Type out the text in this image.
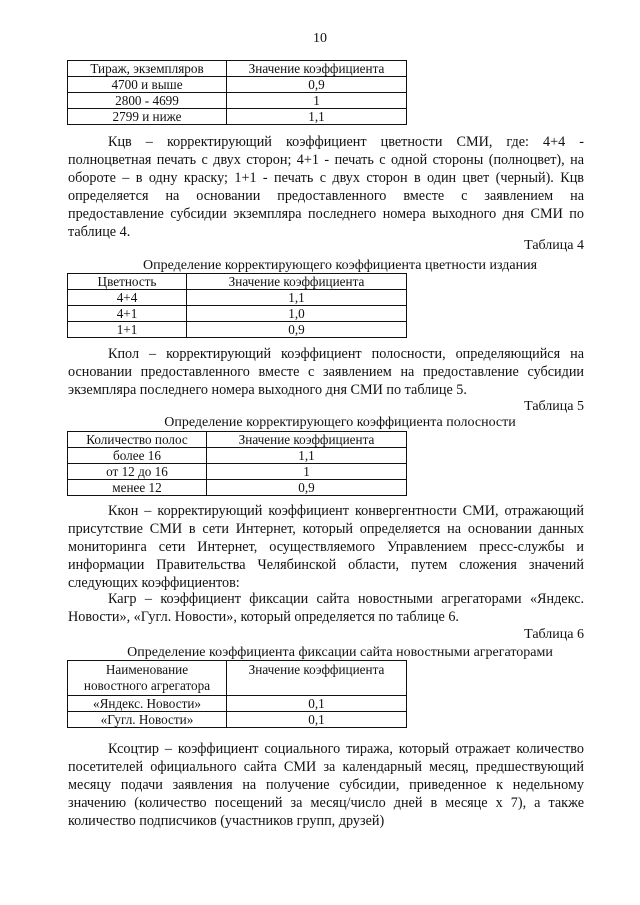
10
Тираж, экземпляров	Значение коэффициента
4700 и выше	0,9
2800 - 4699	1
2799 и ниже	1,1

Кцв – корректирующий коэффициент цветности СМИ, где: 4+4 - полноцветная печать с двух сторон; 4+1 - печать с одной стороны (полноцвет), на обороте – в одну краску; 1+1 - печать с двух сторон в один цвет (черный). Кцв определяется на основании предоставленного вместе с заявлением на предоставление субсидии экземпляра последнего номера выходного дня СМИ по таблице 4.

Таблица 4
Определение корректирующего коэффициента цветности издания
Цветность	Значение коэффициента
4+4	1,1
4+1	1,0
1+1	0,9

Кпол – корректирующий коэффициент полосности, определяющийся на основании предоставленного вместе с заявлением на предоставление субсидии экземпляра последнего номера выходного дня СМИ по таблице 5.

Таблица 5
Определение корректирующего коэффициента полосности
Количество полос	Значение коэффициента
более 16	1,1
от 12 до 16	1
менее 12	0,9

Ккон – корректирующий коэффициент конвергентности СМИ, отражающий присутствие СМИ в сети Интернет, который определяется на основании данных мониторинга сети Интернет, осуществляемого Управлением пресс-службы и информации Правительства Челябинской области, путем сложения значений следующих коэффициентов:

Кагр – коэффициент фиксации сайта новостными агрегаторами «Яндекс. Новости», «Гугл. Новости», который определяется по таблице 6.

Таблица 6
Определение коэффициента фиксации сайта новостными агрегаторами
Наименование
новостного агрегатора	Значение коэффициента
«Яндекс. Новости»	0,1
«Гугл. Новости»	0,1

Ксоцтир – коэффициент социального тиража, который отражает количество посетителей официального сайта СМИ за календарный месяц, предшествующий месяцу подачи заявления на получение субсидии, приведенное к недельному значению (количество посещений за месяц/число дней в месяце х 7), а также количество подписчиков (участников групп, друзей)
